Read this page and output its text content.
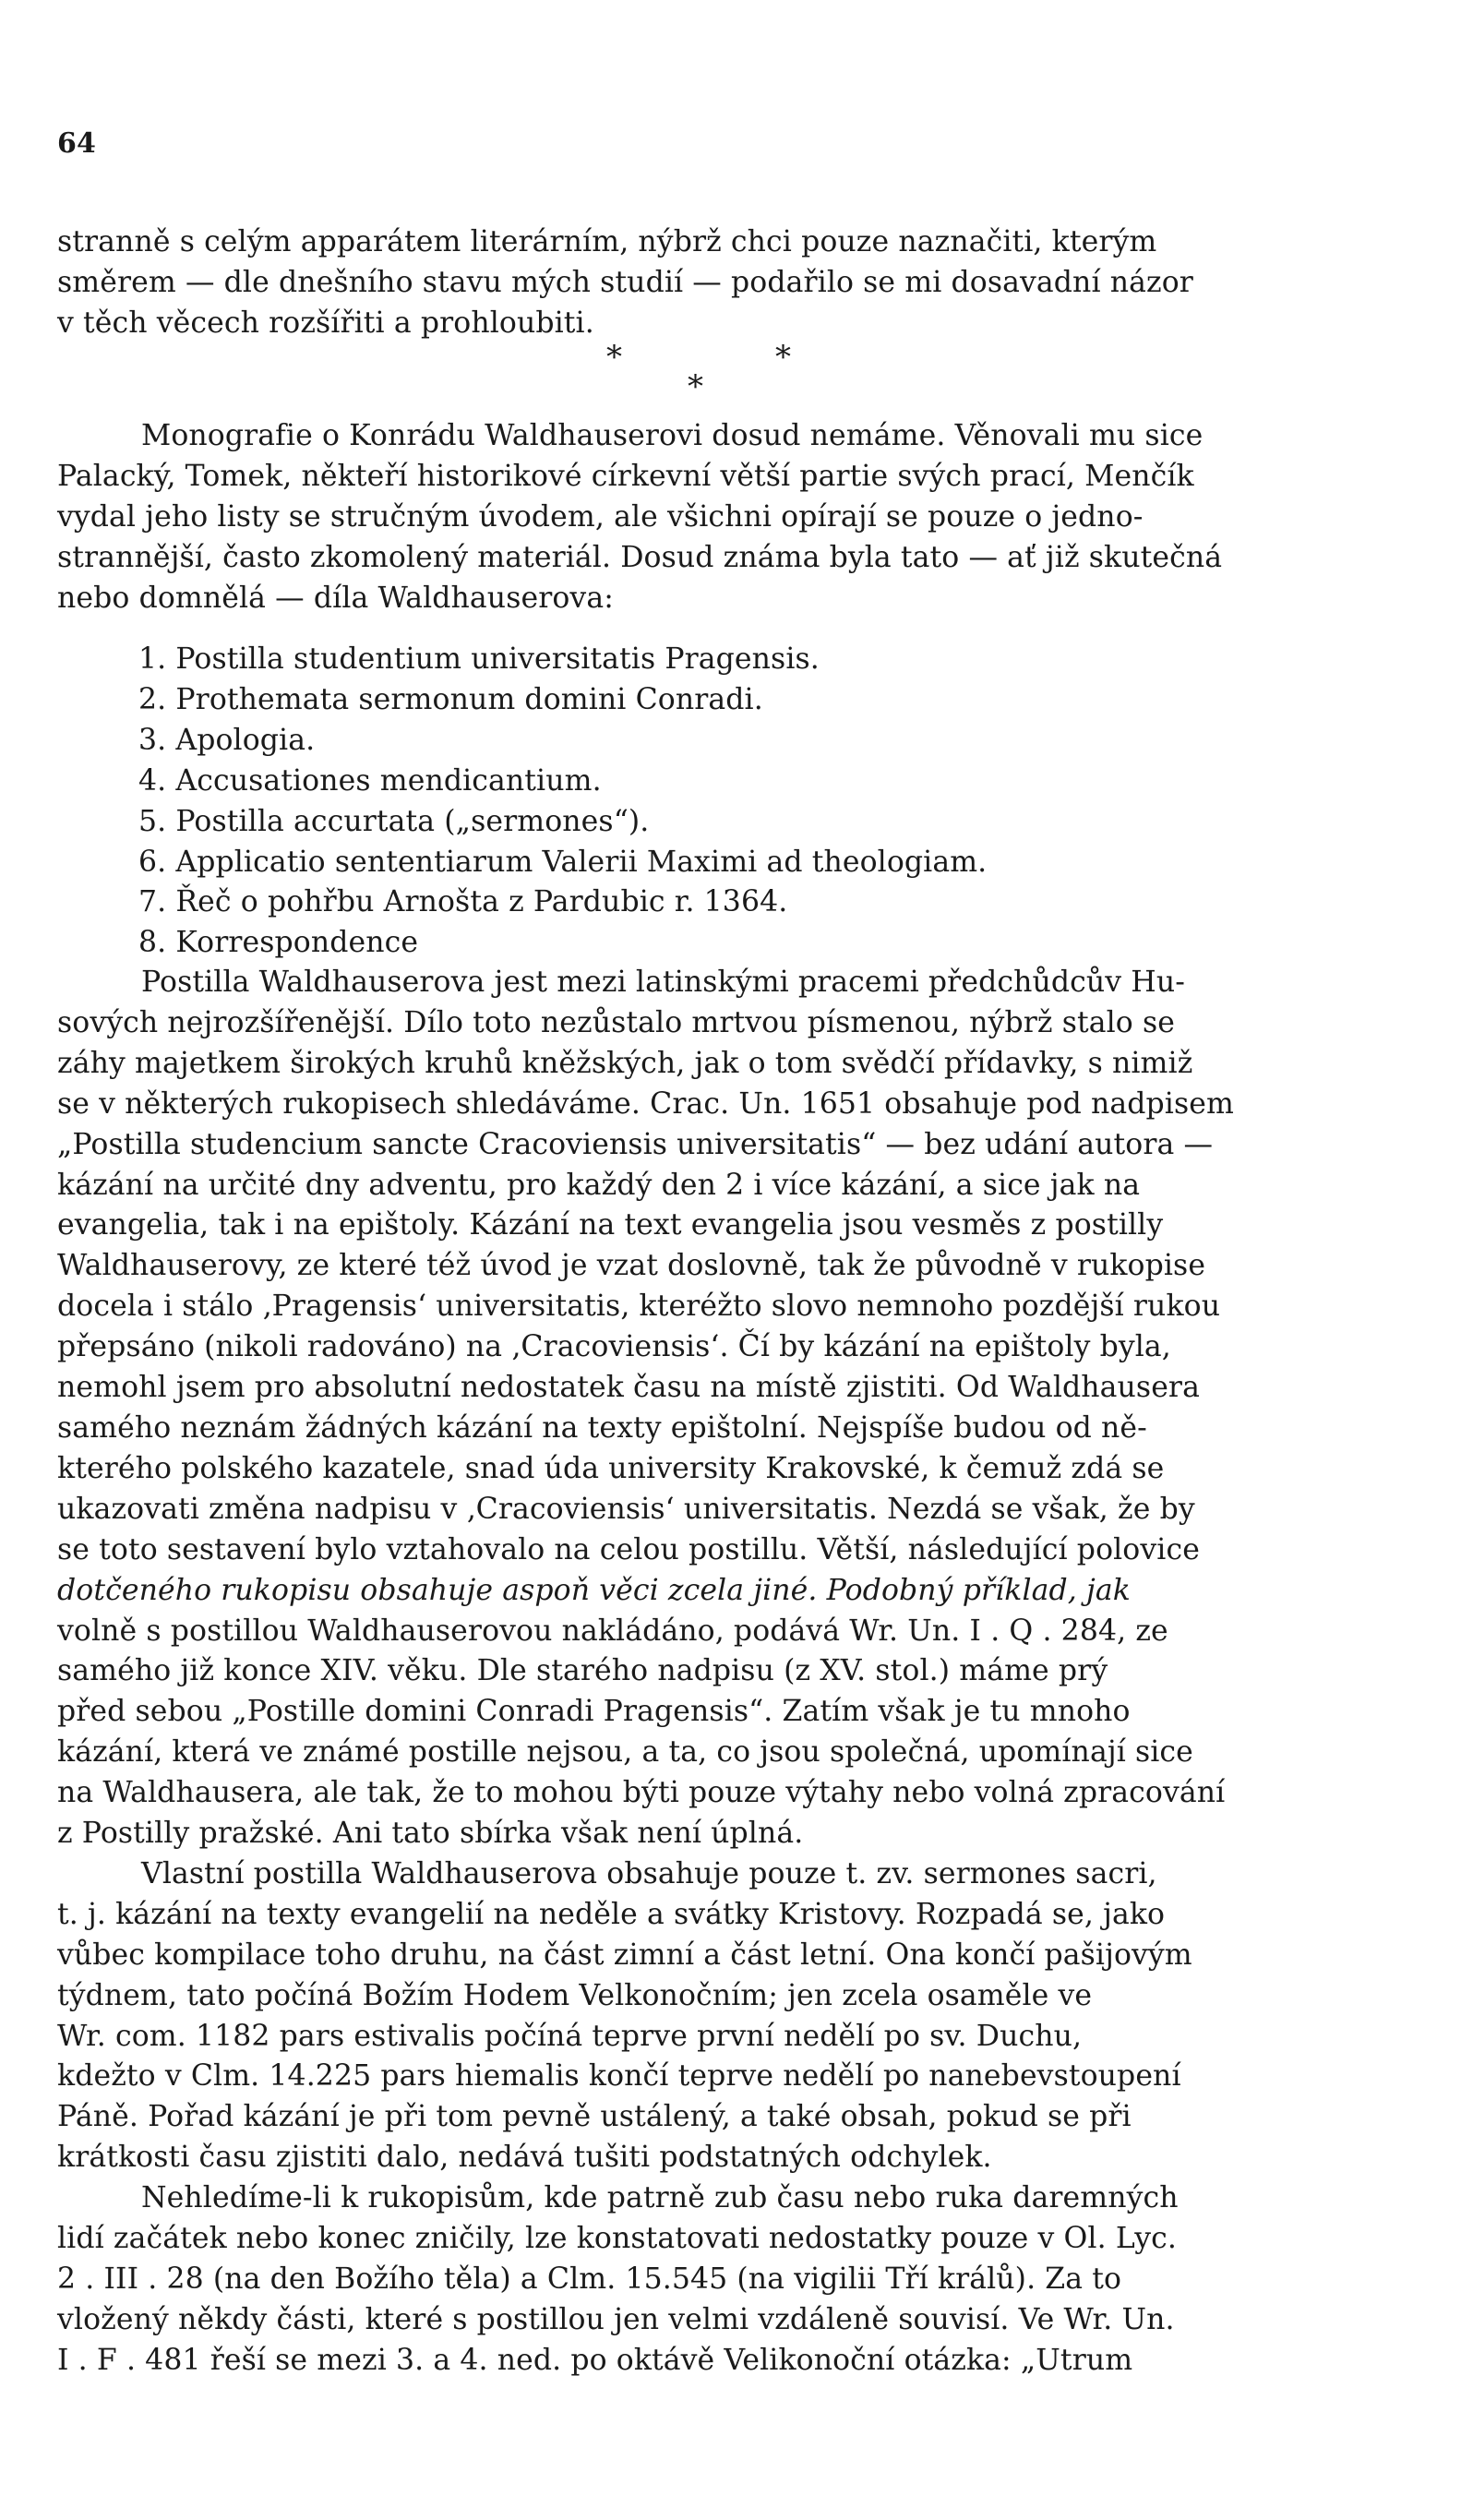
64

stranně s celým apparátem literárním, nýbrž chci pouze naznačiti, kterým

směrem — dle dnešního stavu mých studií — podařilo se mi dosavadní názor

v těch věcech rozšířiti a prohloubiti.

*
*
*

Monografie o Konrádu Waldhauserovi dosud nemáme. Věnovali mu sice

Palacký, Tomek, někteří historikové církevní větší partie svých prací, Menčík

vydal jeho listy se stručným úvodem, ale všichni opírají se pouze o jedno-

strannější, často zkomolený materiál. Dosud známa byla tato — ať již skutečná

nebo domnělá — díla Waldhauserova:

1. Postilla studentium universitatis Pragensis.
2. Prothemata sermonum domini Conradi.
3. Apologia.
4. Accusationes mendicantium.
5. Postilla accurtata („sermones“).
6. Applicatio sententiarum Valerii Maximi ad theologiam.
7. Řeč o pohřbu Arnošta z Pardubic r. 1364.
8. Korrespondence

Postilla Waldhauserova jest mezi latinskými pracemi předchůdcův Hu-

sových nejrozšířenější. Dílo toto nezůstalo mrtvou písmenou, nýbrž stalo se

záhy majetkem širokých kruhů kněžských, jak o tom svědčí přídavky, s nimiž

se v některých rukopisech shledáváme. Crac. Un. 1651 obsahuje pod nadpisem

„Postilla studencium sancte Cracoviensis universitatis“ — bez udání autora —

kázání na určité dny adventu, pro každý den 2 i více kázání, a sice jak na

evangelia, tak i na epištoly. Kázání na text evangelia jsou vesměs z postilly

Waldhauserovy, ze které též úvod je vzat doslovně, tak že původně v rukopise

docela i stálo ‚Pragensis‘ universitatis, kteréžto slovo nemnoho pozdější rukou

přepsáno (nikoli radováno) na ‚Cracoviensis‘. Čí by kázání na epištoly byla,

nemohl jsem pro absolutní nedostatek času na místě zjistiti. Od Waldhausera

samého neznám žádných kázání na texty epištolní. Nejspíše budou od ně-

kterého polského kazatele, snad úda university Krakovské, k čemuž zdá se

ukazovati změna nadpisu v ‚Cracoviensis‘ universitatis. Nezdá se však, že by

se toto sestavení bylo vztahovalo na celou postillu. Větší, následující polovice

dotčeného rukopisu obsahuje aspoň věci zcela jiné. Podobný příklad, jak

volně s postillou Waldhauserovou nakládáno, podává Wr. Un. I . Q . 284, ze

samého již konce XIV. věku. Dle starého nadpisu (z XV. stol.) máme prý

před sebou „Postille domini Conradi Pragensis“. Zatím však je tu mnoho

kázání, která ve známé postille nejsou, a ta, co jsou společná, upomínají sice

na Waldhausera, ale tak, že to mohou býti pouze výtahy nebo volná zpracování

z Postilly pražské. Ani tato sbírka však není úplná.

Vlastní postilla Waldhauserova obsahuje pouze t. zv. sermones sacri,

t. j. kázání na texty evangelií na neděle a svátky Kristovy. Rozpadá se, jako

vůbec kompilace toho druhu, na část zimní a část letní. Ona končí pašijovým

týdnem, tato počíná Božím Hodem Velkonočním; jen zcela osaměle ve

Wr. com. 1182 pars estivalis počíná teprve první nedělí po sv. Duchu,

kdežto v Clm. 14.225 pars hiemalis končí teprve nedělí po nanebevstoupení

Páně. Pořad kázání je při tom pevně ustálený, a také obsah, pokud se při

krátkosti času zjistiti dalo, nedává tušiti podstatných odchylek.

Nehledíme-li k rukopisům, kde patrně zub času nebo ruka daremných

lidí začátek nebo konec zničily, lze konstatovati nedostatky pouze v Ol. Lyc.

2 . III . 28 (na den Božího těla) a Clm. 15.545 (na vigilii Tří králů). Za to

vložený někdy části, které s postillou jen velmi vzdáleně souvisí. Ve Wr. Un.

I . F . 481 řeší se mezi 3. a 4. ned. po oktávě Velikonoční otázka: „Utrum
